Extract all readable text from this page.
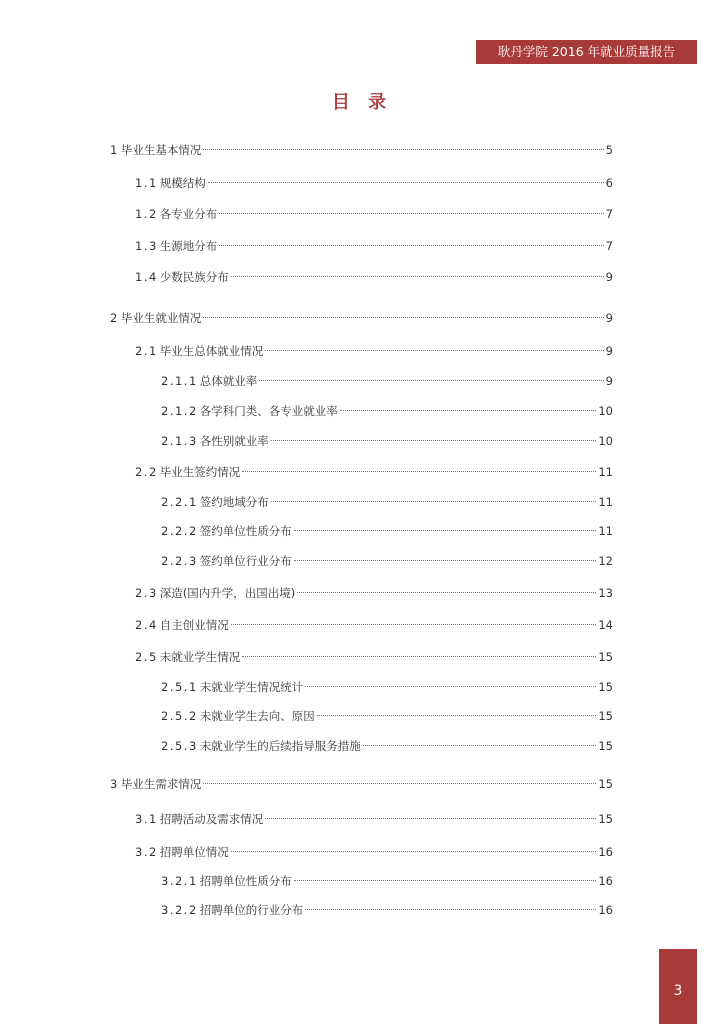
耿丹学院 2016 年就业质量报告
目 录
1 毕业生基本情况	5
1.1 规模结构	6
1.2 各专业分布	7
1.3 生源地分布	7
1.4 少数民族分布	9
2 毕业生就业情况	9
2.1 毕业生总体就业情况	9
2.1.1 总体就业率	9
2.1.2 各学科门类、各专业就业率	10
2.1.3 各性别就业率	10
2.2 毕业生签约情况	11
2.2.1 签约地域分布	11
2.2.2 签约单位性质分布	11
2.2.3 签约单位行业分布	12
2.3 深造(国内升学，出国出境)	13
2.4 自主创业情况	14
2.5 未就业学生情况	15
2.5.1 未就业学生情况统计	15
2.5.2 未就业学生去向、原因	15
2.5.3 未就业学生的后续指导服务措施	15
3 毕业生需求情况	15
3.1 招聘活动及需求情况	15
3.2 招聘单位情况	16
3.2.1 招聘单位性质分布	16
3.2.2 招聘单位的行业分布	16
3
